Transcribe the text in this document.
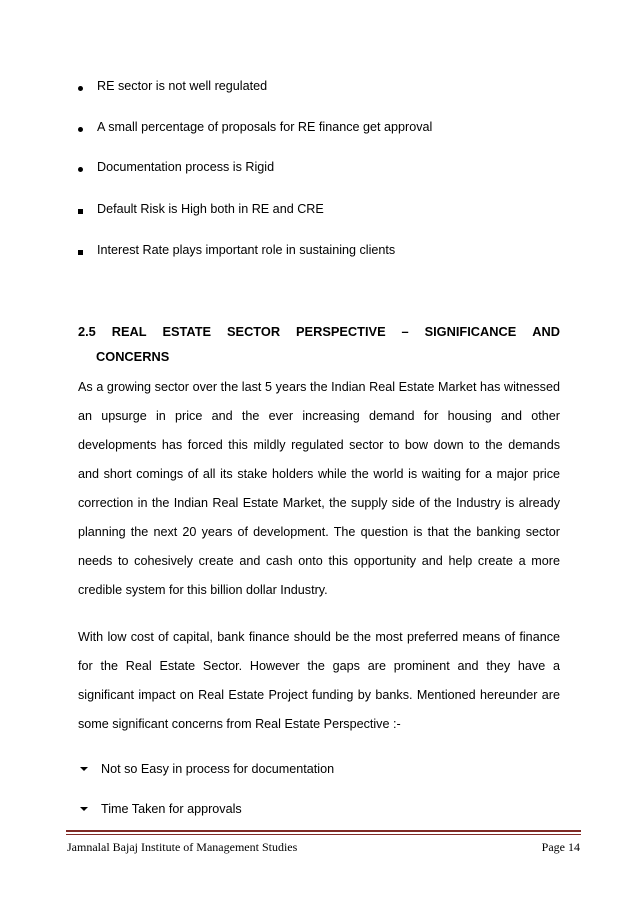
RE sector is not well regulated
A small percentage of proposals for RE finance get approval
Documentation process is Rigid
Default Risk is High both in RE and CRE
Interest Rate plays important role in sustaining clients
2.5 REAL ESTATE SECTOR PERSPECTIVE – SIGNIFICANCE AND
CONCERNS

As a growing sector over the last 5 years the Indian Real Estate Market has witnessed an upsurge in price and the ever increasing demand for housing and other developments has forced this mildly regulated sector to bow down to the demands and short comings of all its stake holders while the world is waiting for a major price correction in the Indian Real Estate Market, the supply side of the Industry is already planning the next 20 years of development. The question is that the banking sector needs to cohesively create and cash onto this opportunity and help create a more credible system for this billion dollar Industry.

With low cost of capital, bank finance should be the most preferred means of finance for the Real Estate Sector. However the gaps are prominent and they have a significant impact on Real Estate Project funding by banks. Mentioned hereunder are some significant concerns from Real Estate Perspective :-

Not so Easy in process for documentation
Time Taken for approvals
Jamnalal Bajaj Institute of Management Studies	Page 14
